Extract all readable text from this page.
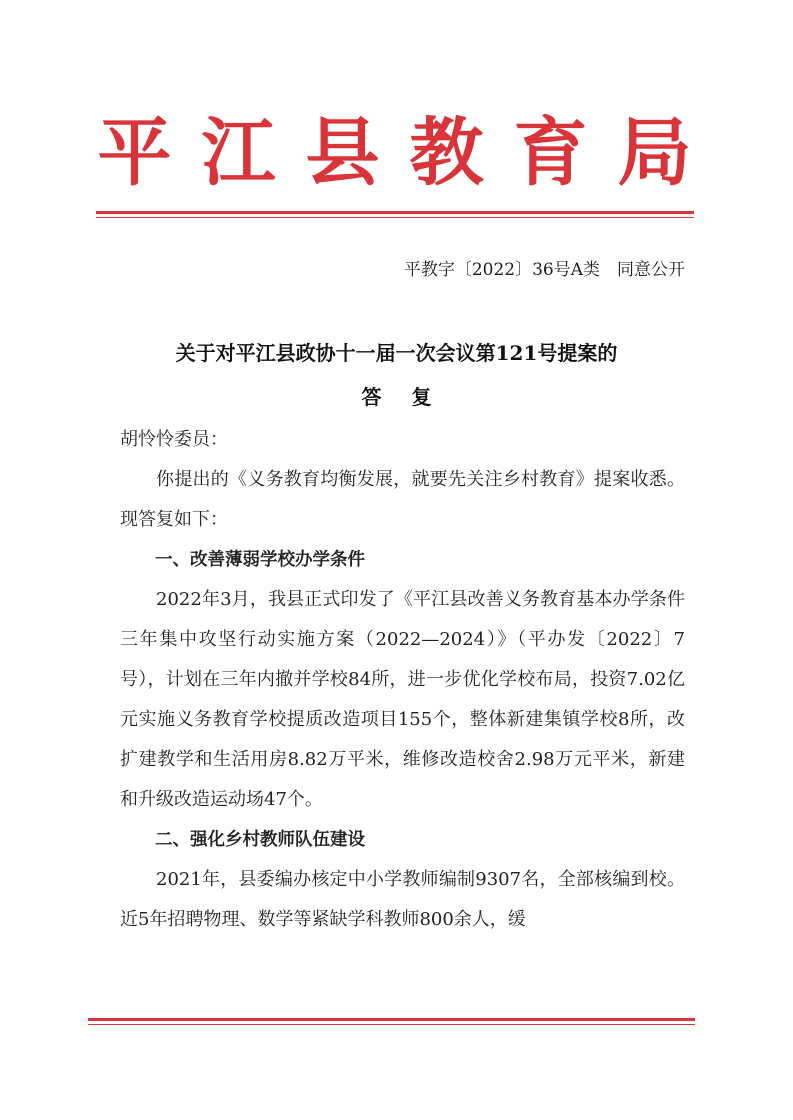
平江县教育局
平教字〔2022〕36号A类　同意公开
关于对平江县政协十一届一次会议第121号提案的
答复

胡怜怜委员：

你提出的《义务教育均衡发展，就要先关注乡村教育》提案收悉。现答复如下：

一、改善薄弱学校办学条件

2022年3月，我县正式印发了《平江县改善义务教育基本办学条件三年集中攻坚行动实施方案（2022—2024）》（平办发〔2022〕7号），计划在三年内撤并学校84所，进一步优化学校布局，投资7.02亿元实施义务教育学校提质改造项目155个，整体新建集镇学校8所，改扩建教学和生活用房8.82万平米，维修改造校舍2.98万元平米，新建和升级改造运动场47个。

二、强化乡村教师队伍建设

2021年，县委编办核定中小学教师编制9307名，全部核编到校。近5年招聘物理、数学等紧缺学科教师800余人，缓
